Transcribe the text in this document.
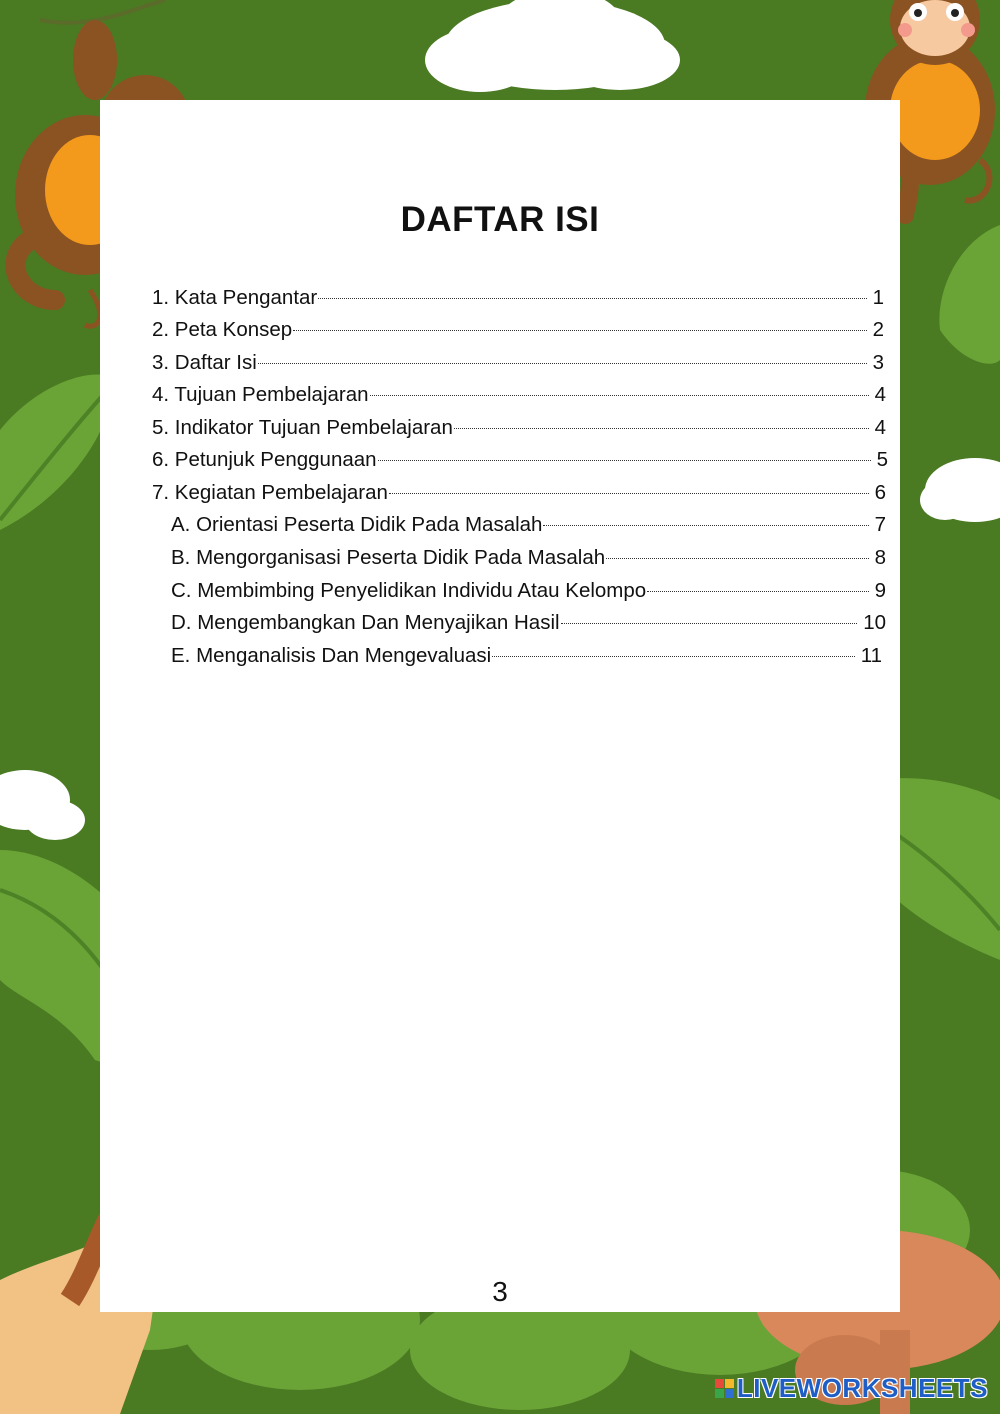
DAFTAR ISI
1. Kata Pengantar	1
2. Peta Konsep	2
3. Daftar Isi	3
4. Tujuan Pembelajaran	4
5. Indikator Tujuan Pembelajaran	4
6. Petunjuk Penggunaan	5
7. Kegiatan Pembelajaran	6
A. Orientasi Peserta Didik Pada Masalah	7
B. Mengorganisasi Peserta Didik Pada Masalah	8
C. Membimbing Penyelidikan Individu Atau Kelompo	9
D. Mengembangkan Dan Menyajikan Hasil	10
E. Menganalisis Dan Mengevaluasi	11
3
LIVEWORKSHEETS
